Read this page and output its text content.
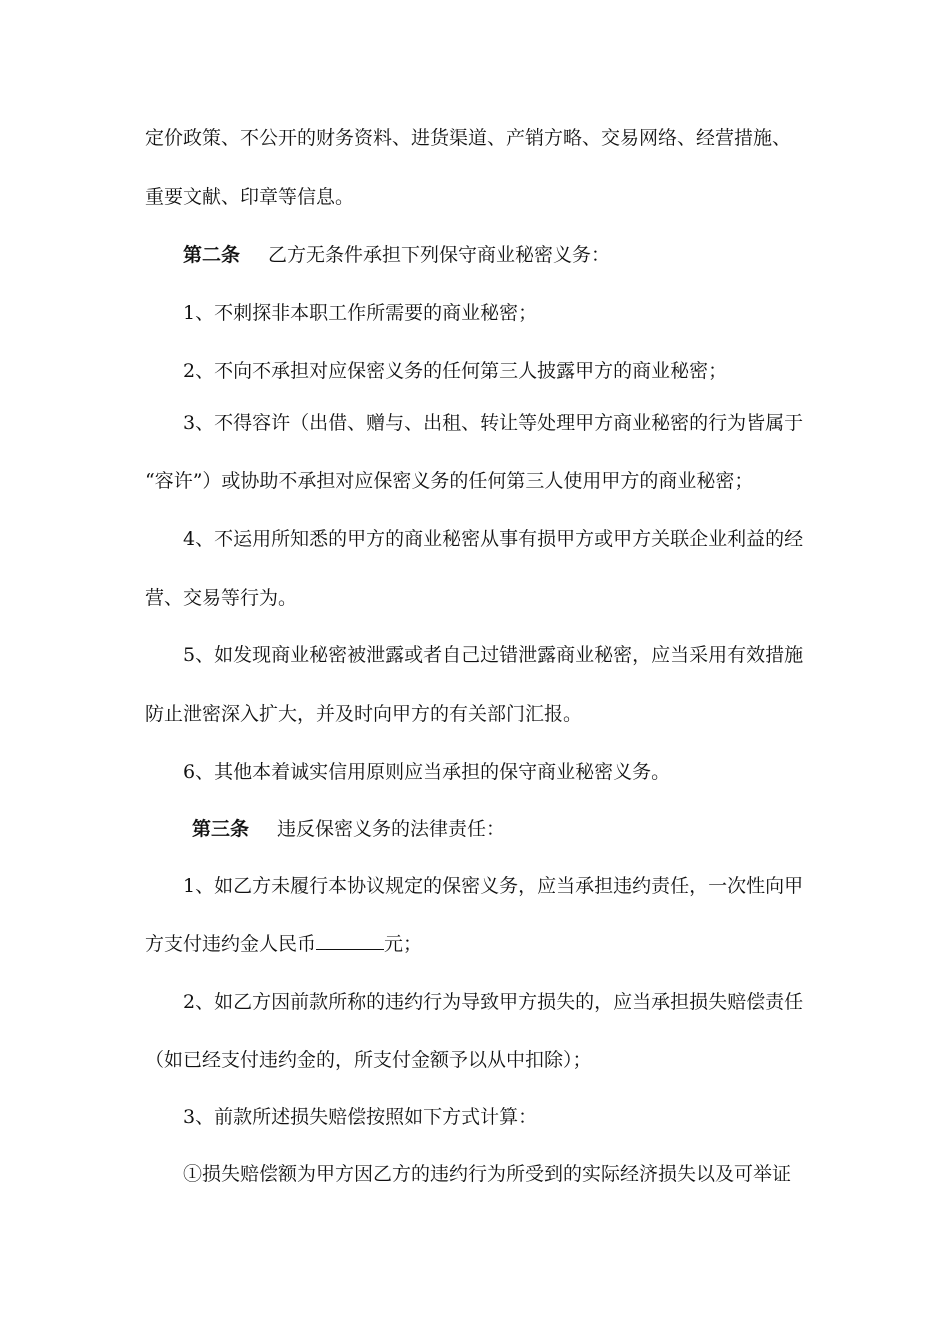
定价政策、不公开的财务资料、进货渠道、产销方略、交易网络、经营措施、
重要文献、印章等信息。
第二条 乙方无条件承担下列保守商业秘密义务：
1、不刺探非本职工作所需要的商业秘密；
2、不向不承担对应保密义务的任何第三人披露甲方的商业秘密；
3、不得容许（出借、赠与、出租、转让等处理甲方商业秘密的行为皆属于
“容许”）或协助不承担对应保密义务的任何第三人使用甲方的商业秘密；
4、不运用所知悉的甲方的商业秘密从事有损甲方或甲方关联企业利益的经
营、交易等行为。
5、如发现商业秘密被泄露或者自己过错泄露商业秘密，应当采用有效措施
防止泄密深入扩大，并及时向甲方的有关部门汇报。
6、其他本着诚实信用原则应当承担的保守商业秘密义务。
第三条 违反保密义务的法律责任：
1、如乙方未履行本协议规定的保密义务，应当承担违约责任，一次性向甲
方支付违约金人民币	元；
2、如乙方因前款所称的违约行为导致甲方损失的，应当承担损失赔偿责任
（如已经支付违约金的，所支付金额予以从中扣除）；
3、前款所述损失赔偿按照如下方式计算：
①损失赔偿额为甲方因乙方的违约行为所受到的实际经济损失以及可举证
